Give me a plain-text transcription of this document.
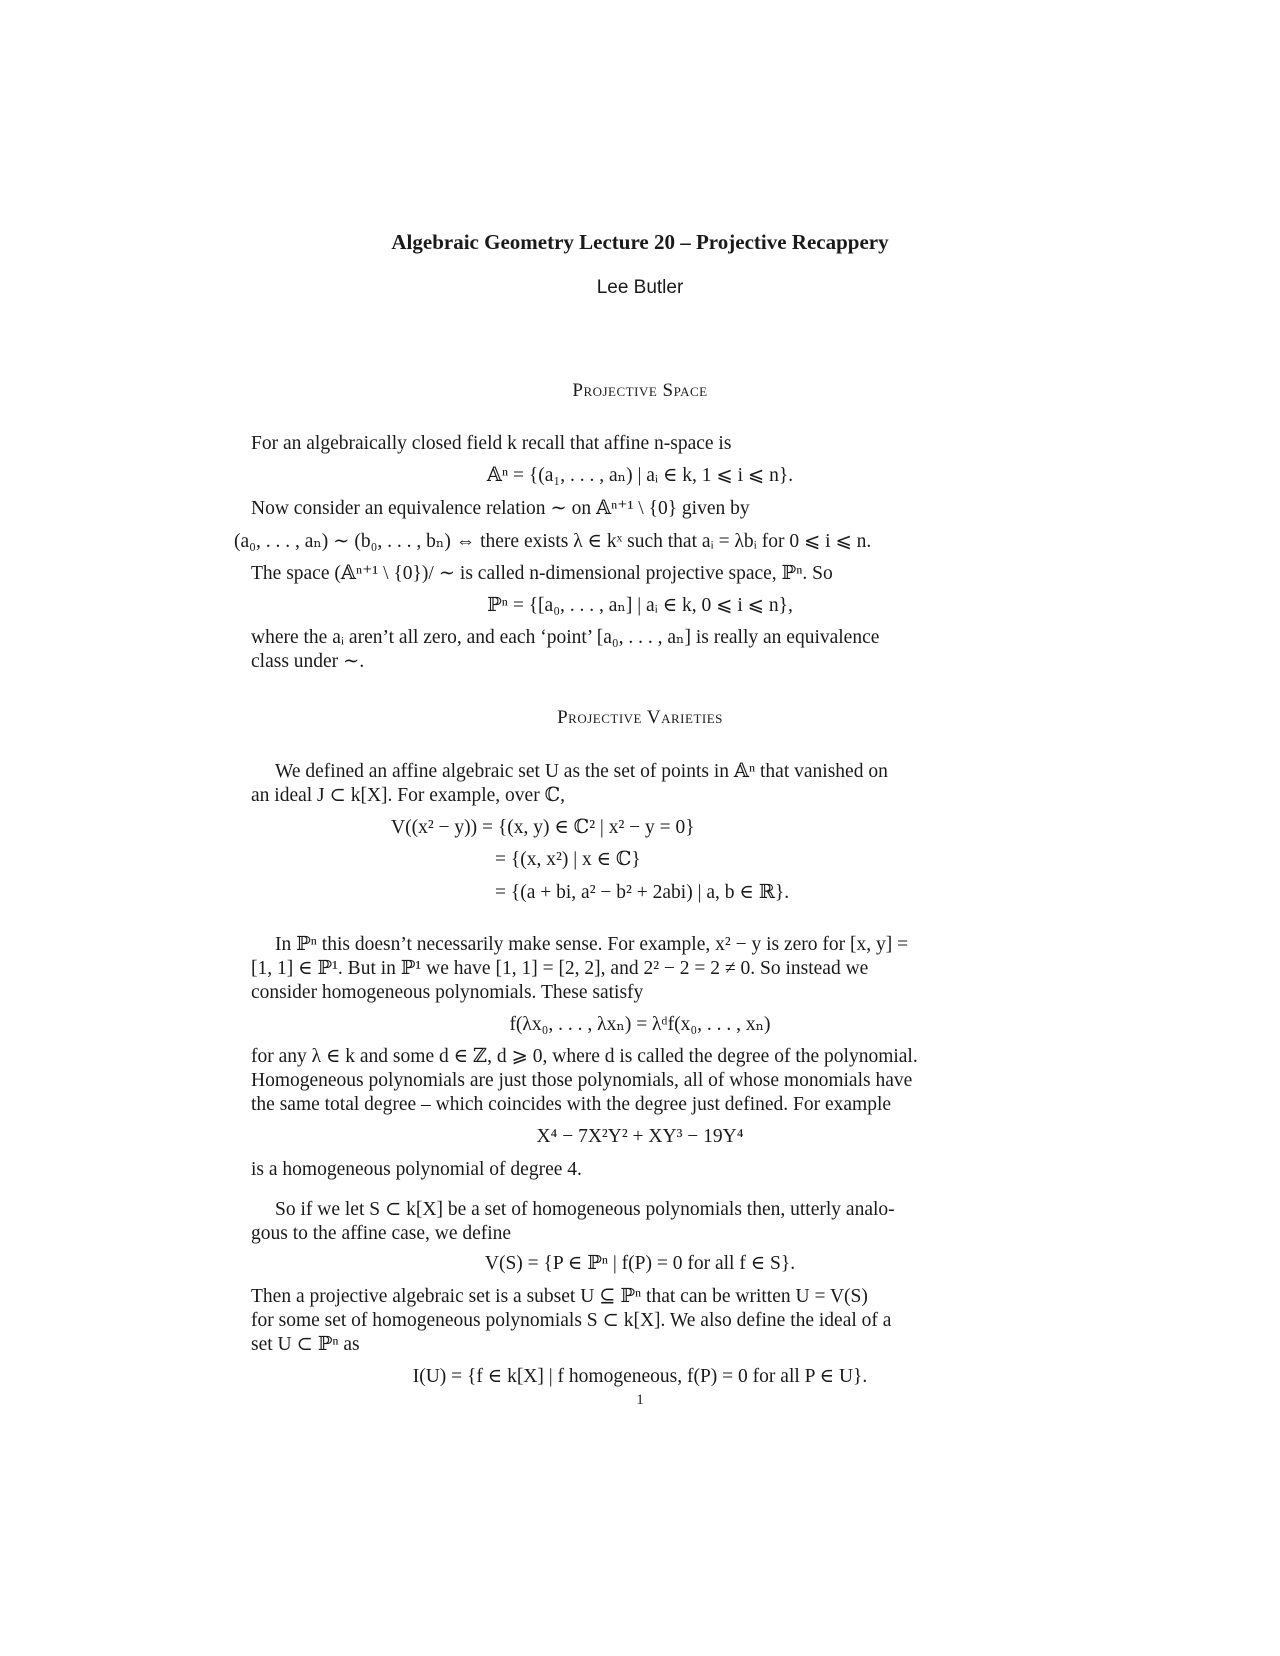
Algebraic Geometry Lecture 20 – Projective Recappery
Lee Butler
Projective Space
For an algebraically closed field k recall that affine n-space is
𝔸ⁿ = {(a₁, . . . , aₙ) | aᵢ ∈ k, 1 ⩽ i ⩽ n}.
Now consider an equivalence relation ∼ on 𝔸ⁿ⁺¹ \ {0} given by
(a₀, . . . , aₙ) ∼ (b₀, . . . , bₙ) ⇔ there exists λ ∈ kˣ such that aᵢ = λbᵢ for 0 ⩽ i ⩽ n.
The space (𝔸ⁿ⁺¹ \ {0})/ ∼ is called n-dimensional projective space, ℙⁿ. So
ℙⁿ = {[a₀, . . . , aₙ] | aᵢ ∈ k, 0 ⩽ i ⩽ n},
where the aᵢ aren’t all zero, and each ‘point’ [a₀, . . . , aₙ] is really an equivalence
class under ∼.
Projective Varieties
We defined an affine algebraic set U as the set of points in 𝔸ⁿ that vanished on
an ideal J ⊂ k[X]. For example, over ℂ,
V((x² − y)) = {(x, y) ∈ ℂ² | x² − y = 0}
= {(x, x²) | x ∈ ℂ}
= {(a + bi, a² − b² + 2abi) | a, b ∈ ℝ}.
In ℙⁿ this doesn’t necessarily make sense. For example, x² − y is zero for [x, y] =
[1, 1] ∈ ℙ¹. But in ℙ¹ we have [1, 1] = [2, 2], and 2² − 2 = 2 ≠ 0. So instead we
consider homogeneous polynomials. These satisfy
f(λx₀, . . . , λxₙ) = λᵈf(x₀, . . . , xₙ)
for any λ ∈ k and some d ∈ ℤ, d ⩾ 0, where d is called the degree of the polynomial.
Homogeneous polynomials are just those polynomials, all of whose monomials have
the same total degree – which coincides with the degree just defined. For example
X⁴ − 7X²Y² + XY³ − 19Y⁴
is a homogeneous polynomial of degree 4.
So if we let S ⊂ k[X] be a set of homogeneous polynomials then, utterly analo-
gous to the affine case, we define
V(S) = {P ∈ ℙⁿ | f(P) = 0 for all f ∈ S}.
Then a projective algebraic set is a subset U ⊆ ℙⁿ that can be written U = V(S)
for some set of homogeneous polynomials S ⊂ k[X]. We also define the ideal of a
set U ⊂ ℙⁿ as
I(U) = {f ∈ k[X] | f homogeneous, f(P) = 0 for all P ∈ U}.
1
